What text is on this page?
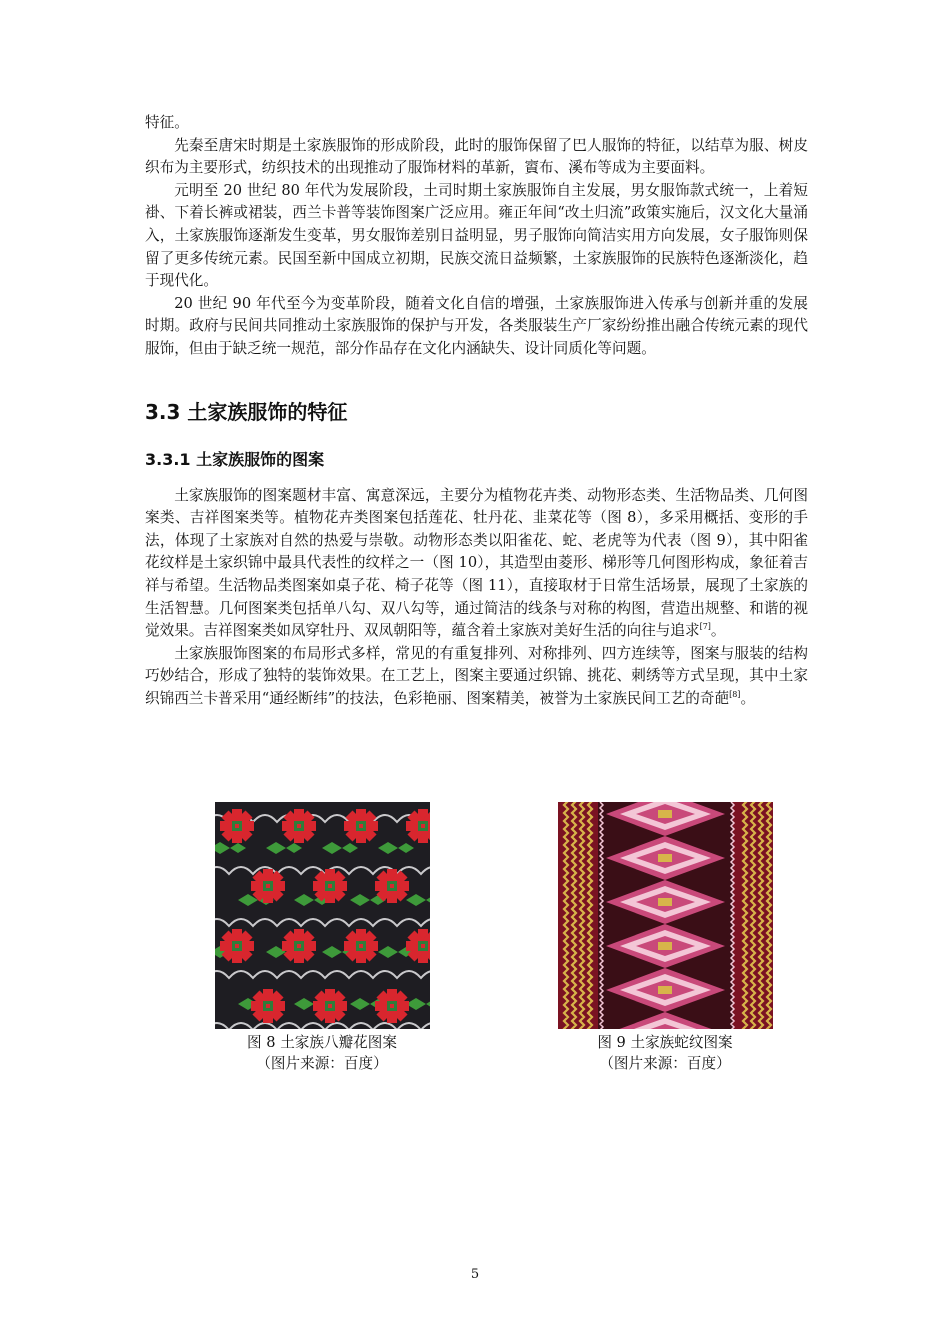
特征。

先秦至唐宋时期是土家族服饰的形成阶段，此时的服饰保留了巴人服饰的特征，以结草为服、树皮织布为主要形式，纺织技术的出现推动了服饰材料的革新，賨布、溪布等成为主要面料。

元明至 20 世纪 80 年代为发展阶段，土司时期土家族服饰自主发展，男女服饰款式统一，上着短褂、下着长裤或裙装，西兰卡普等装饰图案广泛应用。雍正年间“改土归流”政策实施后，汉文化大量涌入，土家族服饰逐渐发生变革，男女服饰差别日益明显，男子服饰向简洁实用方向发展，女子服饰则保留了更多传统元素。民国至新中国成立初期，民族交流日益频繁，土家族服饰的民族特色逐渐淡化，趋于现代化。

20 世纪 90 年代至今为变革阶段，随着文化自信的增强，土家族服饰进入传承与创新并重的发展时期。政府与民间共同推动土家族服饰的保护与开发，各类服装生产厂家纷纷推出融合传统元素的现代服饰，但由于缺乏统一规范，部分作品存在文化内涵缺失、设计同质化等问题。

3.3 土家族服饰的特征
3.3.1 土家族服饰的图案

土家族服饰的图案题材丰富、寓意深远，主要分为植物花卉类、动物形态类、生活物品类、几何图案类、吉祥图案类等。植物花卉类图案包括莲花、牡丹花、韭菜花等（图 8），多采用概括、变形的手法，体现了土家族对自然的热爱与崇敬。动物形态类以阳雀花、蛇、老虎等为代表（图 9），其中阳雀花纹样是土家织锦中最具代表性的纹样之一（图 10），其造型由菱形、梯形等几何图形构成，象征着吉祥与希望。生活物品类图案如桌子花、椅子花等（图 11），直接取材于日常生活场景，展现了土家族的生活智慧。几何图案类包括单八勾、双八勾等，通过简洁的线条与对称的构图，营造出规整、和谐的视觉效果。吉祥图案类如凤穿牡丹、双凤朝阳等，蕴含着土家族对美好生活的向往与追求[7]。

土家族服饰图案的布局形式多样，常见的有重复排列、对称排列、四方连续等，图案与服装的结构巧妙结合，形成了独特的装饰效果。在工艺上，图案主要通过织锦、挑花、刺绣等方式呈现，其中土家织锦西兰卡普采用“通经断纬”的技法，色彩艳丽、图案精美，被誉为土家族民间工艺的奇葩[8]。

图 8 土家族八瓣花图案
（图片来源：百度）
图 9 土家族蛇纹图案
（图片来源：百度）
5
